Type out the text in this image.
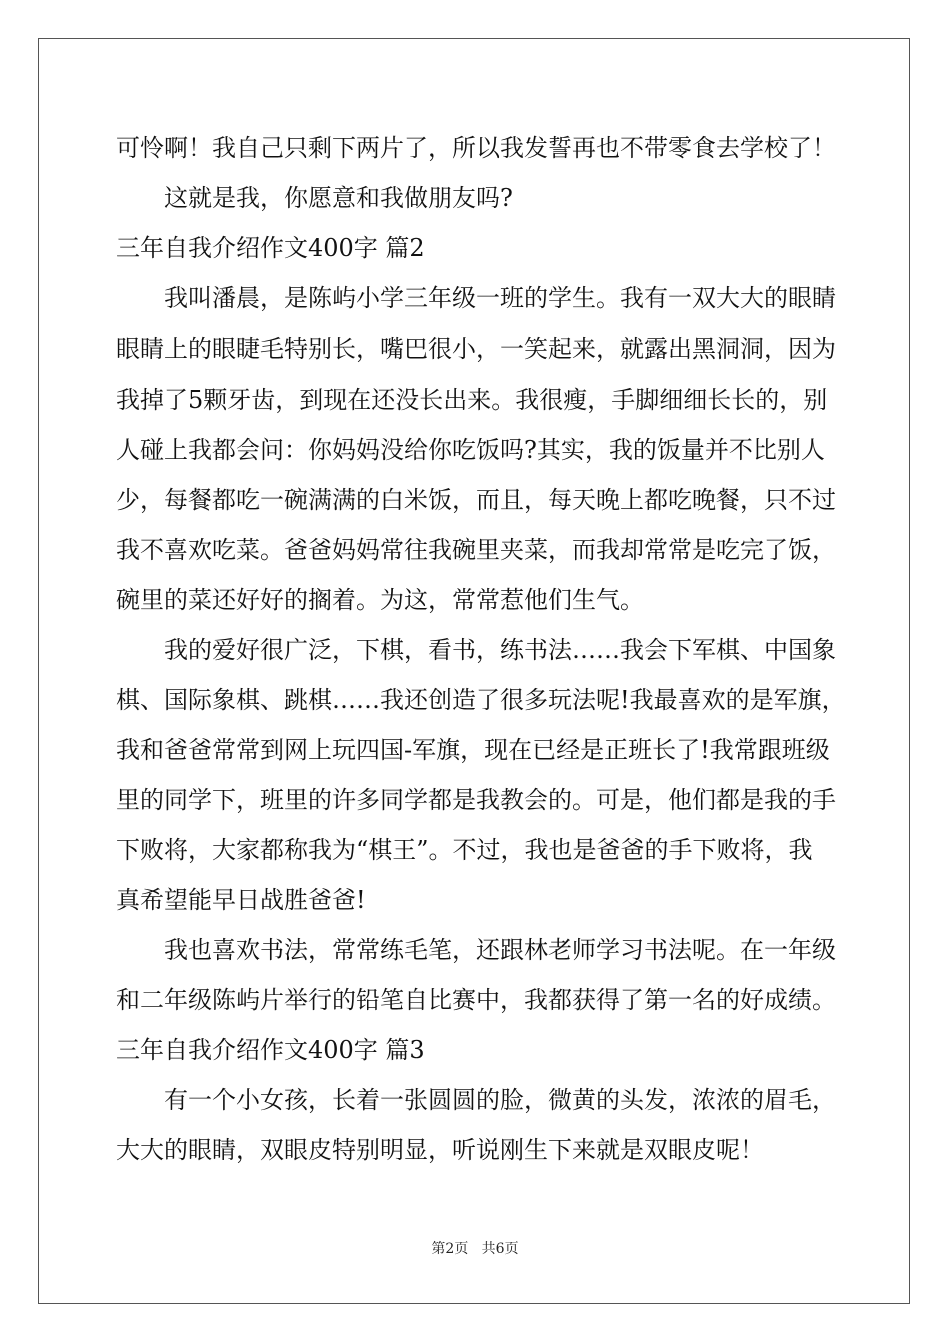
可怜啊！我自己只剩下两片了，所以我发誓再也不带零食去学校了！
这就是我，你愿意和我做朋友吗?
三年自我介绍作文400字 篇2
我叫潘晨，是陈屿小学三年级一班的学生。我有一双大大的眼睛
眼睛上的眼睫毛特别长，嘴巴很小，一笑起来，就露出黑洞洞，因为
我掉了5颗牙齿，到现在还没长出来。我很瘦，手脚细细长长的，别
人碰上我都会问：你妈妈没给你吃饭吗?其实，我的饭量并不比别人
少，每餐都吃一碗满满的白米饭，而且，每天晚上都吃晚餐，只不过
我不喜欢吃菜。爸爸妈妈常往我碗里夹菜，而我却常常是吃完了饭，
碗里的菜还好好的搁着。为这，常常惹他们生气。
我的爱好很广泛，下棋，看书，练书法……我会下军棋、中国象
棋、国际象棋、跳棋……我还创造了很多玩法呢!我最喜欢的是军旗，
我和爸爸常常到网上玩四国-军旗，现在已经是正班长了!我常跟班级
里的同学下，班里的许多同学都是我教会的。可是，他们都是我的手
下败将，大家都称我为“棋王”。不过，我也是爸爸的手下败将，我
真希望能早日战胜爸爸!
我也喜欢书法，常常练毛笔，还跟林老师学习书法呢。在一年级
和二年级陈屿片举行的铅笔自比赛中，我都获得了第一名的好成绩。
三年自我介绍作文400字 篇3
有一个小女孩，长着一张圆圆的脸，微黄的头发，浓浓的眉毛，
大大的眼睛，双眼皮特别明显，听说刚生下来就是双眼皮呢！
第2页   共6页
